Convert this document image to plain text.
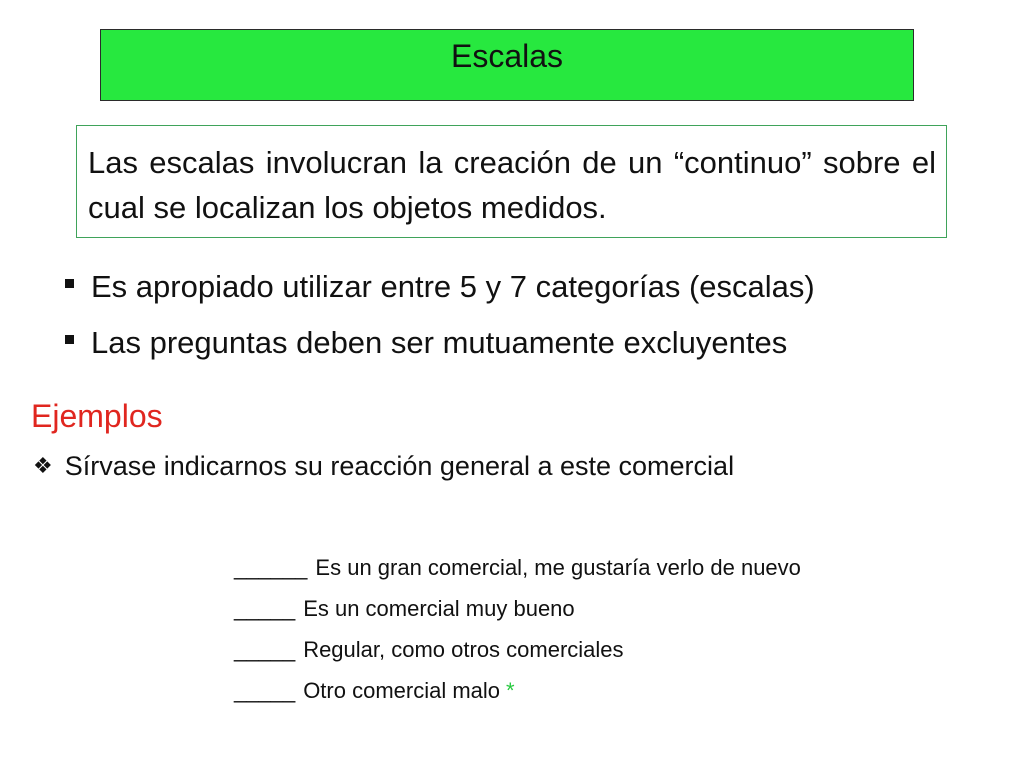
Escalas
Las escalas involucran la creación de un “continuo” sobre el cual se localizan los objetos medidos.
Es apropiado utilizar entre 5 y 7 categorías (escalas)
Las preguntas deben ser mutuamente excluyentes
Ejemplos
❖ Sírvase indicarnos su reacción general a este comercial
______ Es un gran comercial, me gustaría verlo de nuevo
_____ Es un comercial muy bueno
_____ Regular, como otros comerciales
_____ Otro comercial malo *
